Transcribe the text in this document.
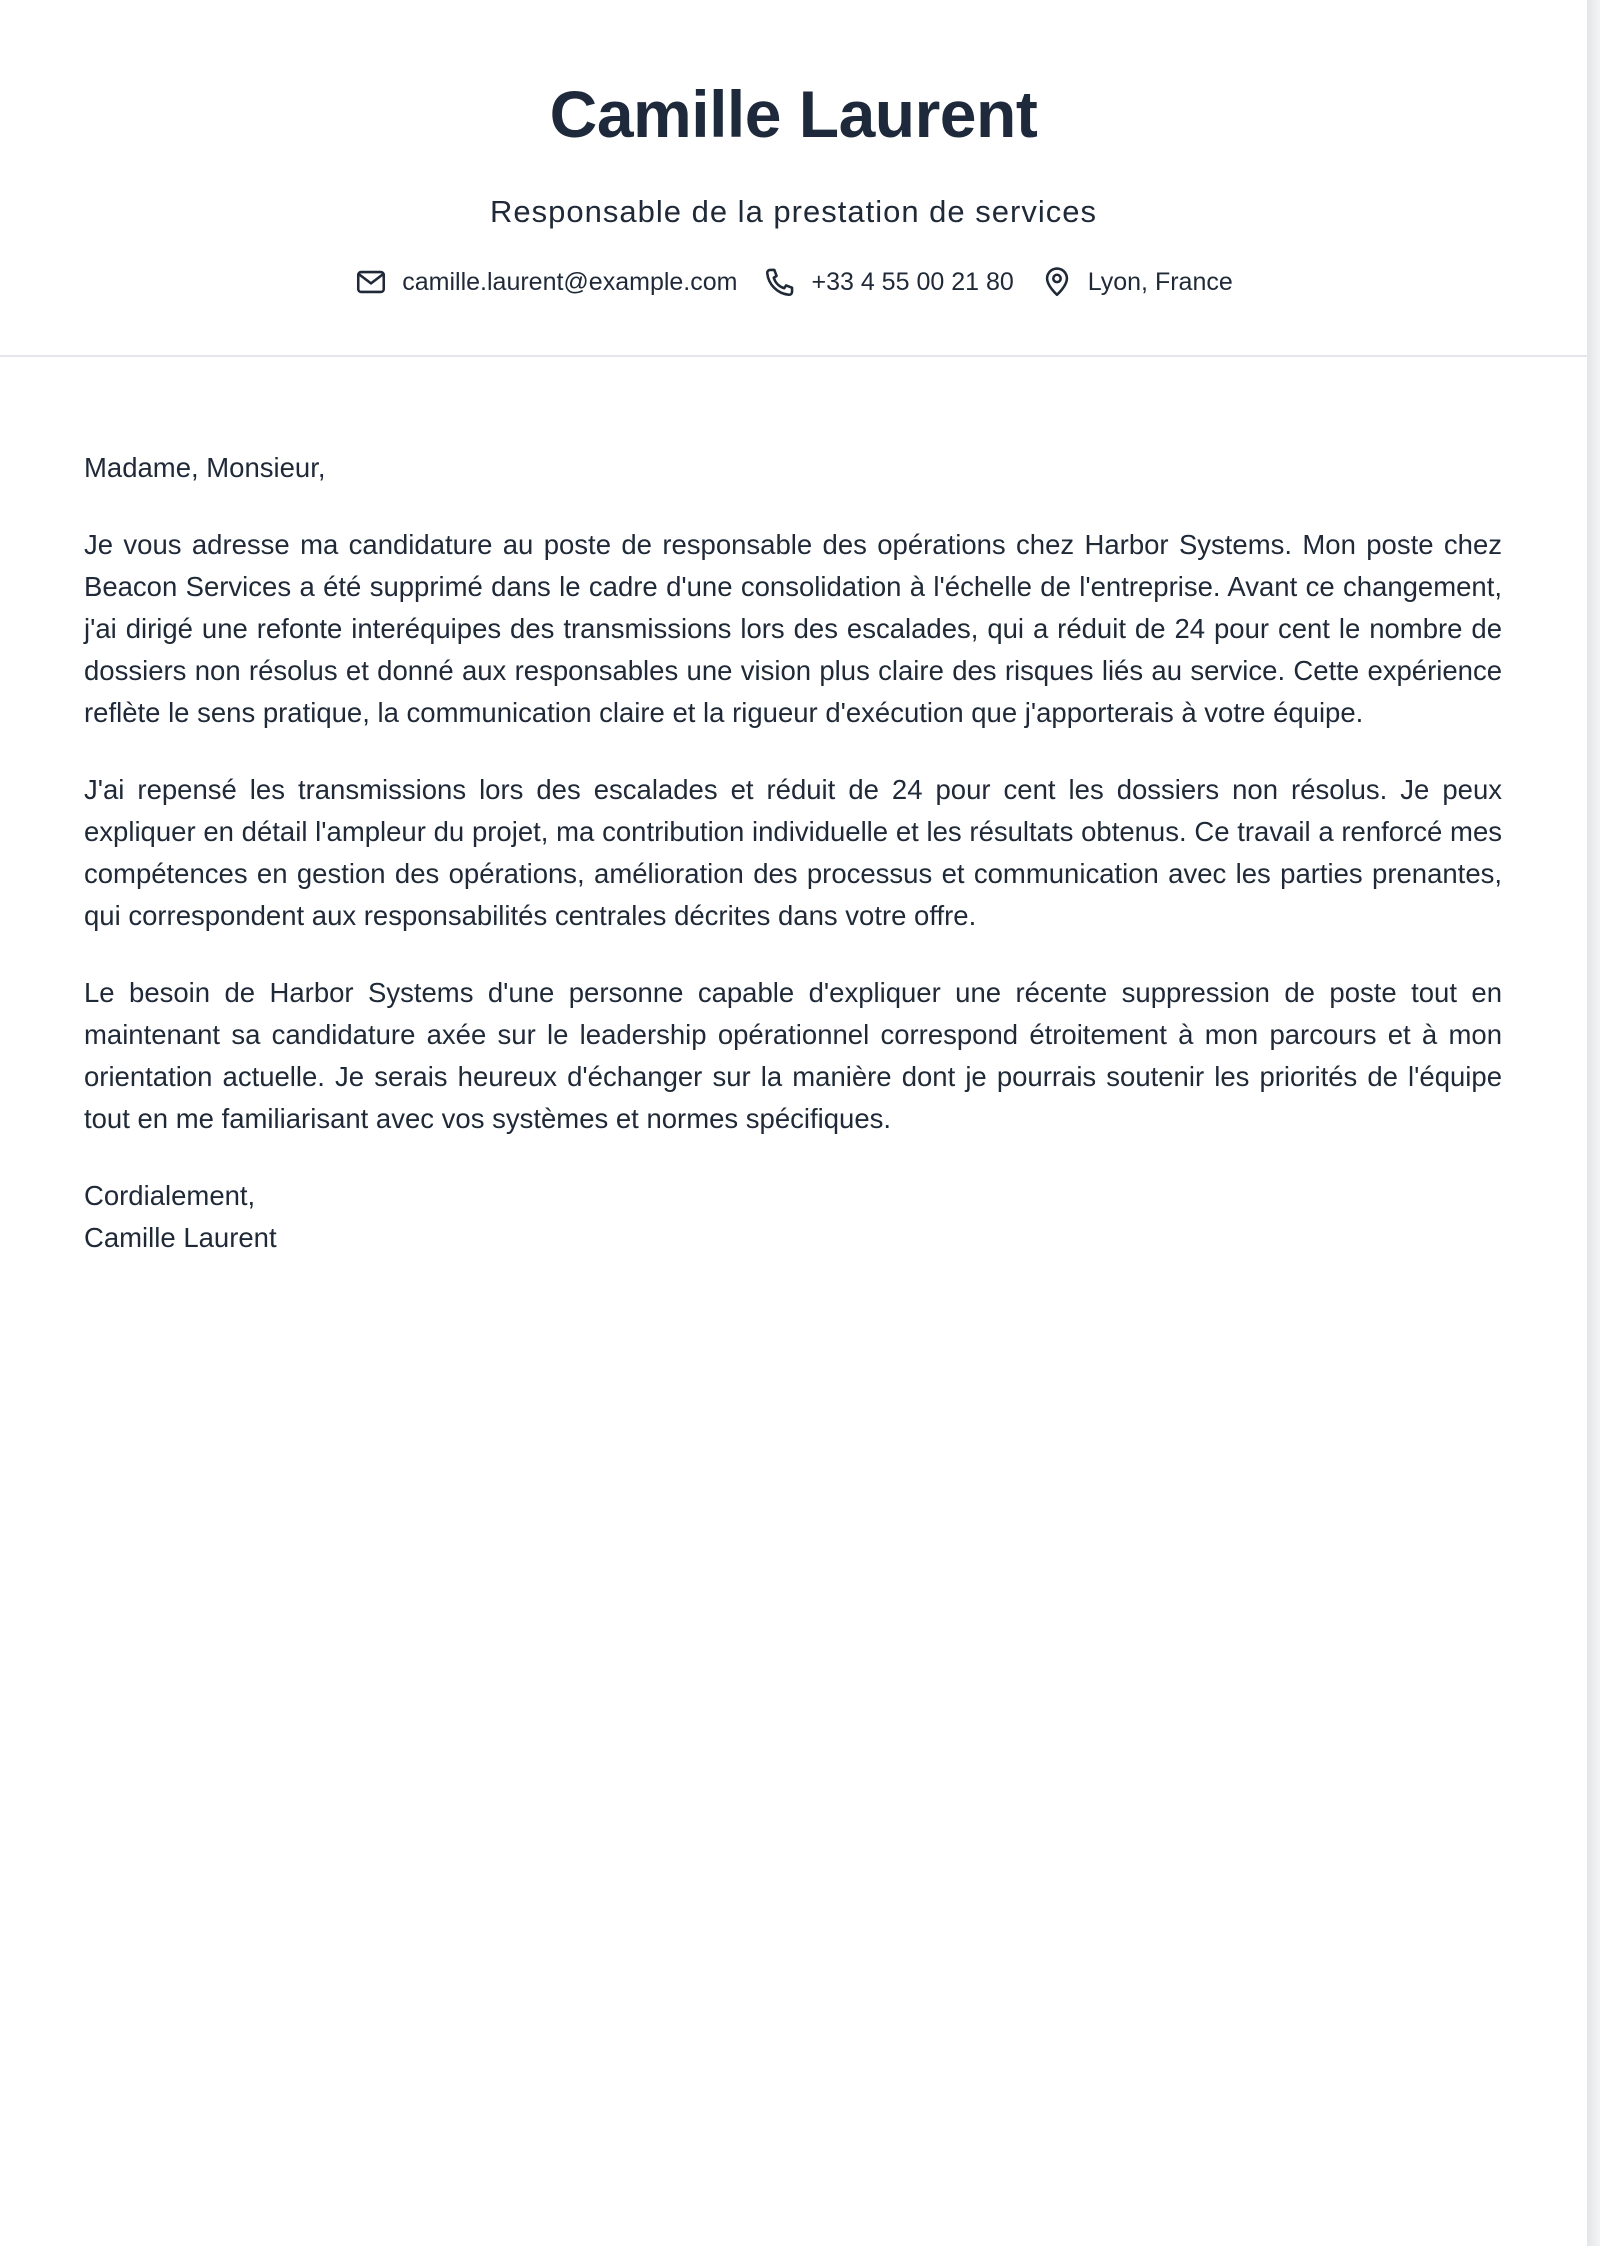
Camille Laurent
Responsable de la prestation de services
camille.laurent@example.com	+33 4 55 00 21 80	Lyon, France

Madame, Monsieur,

Je vous adresse ma candidature au poste de responsable des opérations chez Harbor Systems. Mon poste chez Beacon Services a été supprimé dans le cadre d'une consolidation à l'échelle de l'entreprise. Avant ce changement, j'ai dirigé une refonte interéquipes des transmissions lors des escalades, qui a réduit de 24 pour cent le nombre de dossiers non résolus et donné aux responsables une vision plus claire des risques liés au service. Cette expérience reflète le sens pratique, la communication claire et la rigueur d'exécution que j'apporterais à votre équipe.

J'ai repensé les transmissions lors des escalades et réduit de 24 pour cent les dossiers non résolus. Je peux expliquer en détail l'ampleur du projet, ma contribution individuelle et les résultats obtenus. Ce travail a renforcé mes compétences en gestion des opérations, amélioration des processus et communication avec les parties prenantes, qui correspondent aux responsabilités centrales décrites dans votre offre.

Le besoin de Harbor Systems d'une personne capable d'expliquer une récente suppression de poste tout en maintenant sa candidature axée sur le leadership opérationnel correspond étroitement à mon parcours et à mon orientation actuelle. Je serais heureux d'échanger sur la manière dont je pourrais soutenir les priorités de l'équipe tout en me familiarisant avec vos systèmes et normes spécifiques.

Cordialement,
Camille Laurent
